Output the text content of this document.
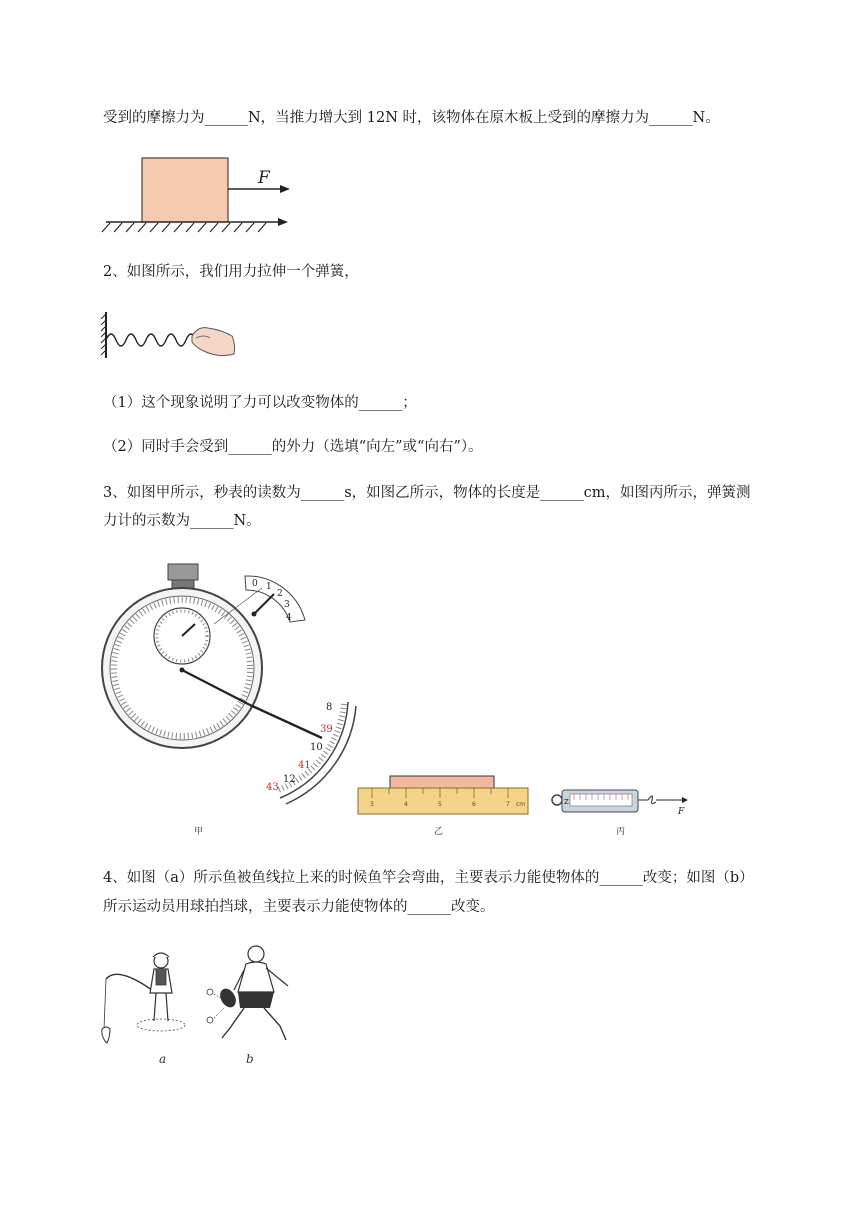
受到的摩擦力为______N，当推力增大到 12N 时，该物体在原木板上受到的摩擦力为______N。
F
2、如图所示，我们用力拉伸一个弹簧，
（1）这个现象说明了力可以改变物体的______；
（2）同时手会受到______的外力（选填“向左”或“向右”）。
3、如图甲所示，秒表的读数为______s，如图乙所示，物体的长度是______cm，如图丙所示，弹簧测
力计的示数为______N。
0 1
2
3
4
8
39
10
41
12
43
甲
3	4	5	6	7 cm
乙
Z
F
丙
4、如图（a）所示鱼被鱼线拉上来的时候鱼竿会弯曲，主要表示力能使物体的______改变；如图（b）
所示运动员用球拍挡球，主要表示力能使物体的______改变。
a	b
